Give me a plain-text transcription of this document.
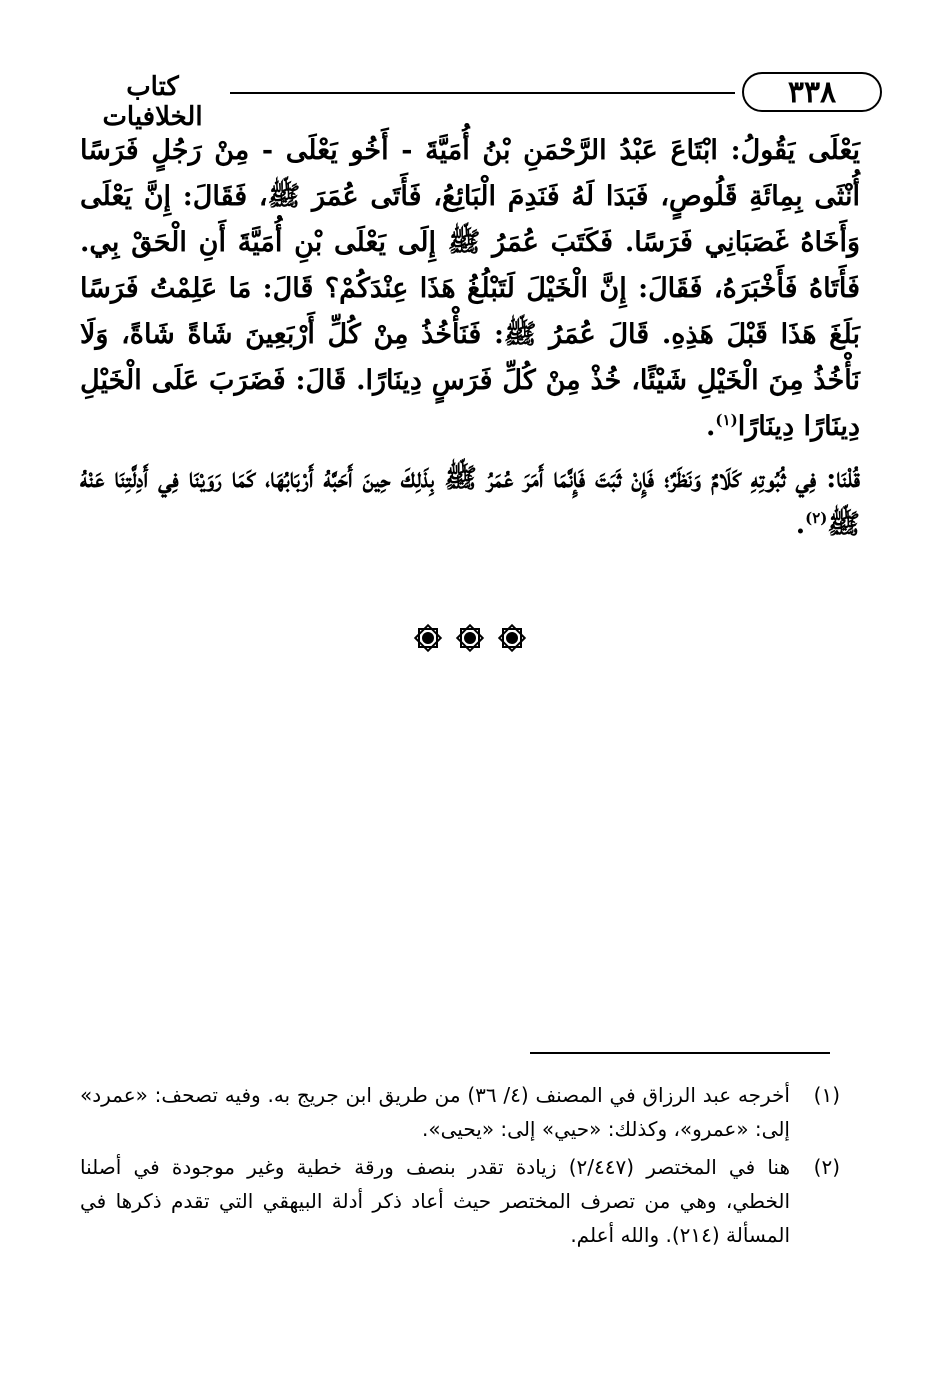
كتاب الخلافيات
٣٣٨

يَعْلَى يَقُولُ: ابْتَاعَ عَبْدُ الرَّحْمَنِ بْنُ أُمَيَّةَ - أَخُو يَعْلَى - مِنْ رَجُلٍ فَرَسًا أُنْثَى بِمِائَةِ قَلُوصٍ، فَبَدَا لَهُ فَنَدِمَ الْبَائِعُ، فَأَتَى عُمَرَ ﷺ، فَقَالَ: إِنَّ يَعْلَى وَأَخَاهُ غَصَبَانِي فَرَسًا. فَكَتَبَ عُمَرُ ﷺ إِلَى يَعْلَى بْنِ أُمَيَّةَ أَنِ الْحَقْ بِي. فَأَتَاهُ فَأَخْبَرَهُ، فَقَالَ: إِنَّ الْخَيْلَ لَتَبْلُغُ هَذَا عِنْدَكُمْ؟ قَالَ: مَا عَلِمْتُ فَرَسًا بَلَغَ هَذَا قَبْلَ هَذِهِ. قَالَ عُمَرُ ﷺ: فَنَأْخُذُ مِنْ كُلِّ أَرْبَعِينَ شَاةً شَاةً، وَلَا نَأْخُذُ مِنَ الْخَيْلِ شَيْئًا، خُذْ مِنْ كُلِّ فَرَسٍ دِينَارًا. قَالَ: فَضَرَبَ عَلَى الْخَيْلِ دِينَارًا دِينَارًا$^{(١)}$.

قُلْنَا: فِي ثُبُوتِهِ كَلَامٌ وَنَظَرٌ؛ فَإِنْ ثَبَتَ فَإِنَّمَا أَمَرَ عُمَرُ ﷺ بِذَلِكَ حِينَ أَحَبَّهُ أَرْبَابُهَا، كَمَا رَوَيْنَا فِي أَدِلَّتِنَا عَنْهُ ﷺ$^{(٢)}$.

(١)
أخرجه عبد الرزاق في المصنف (٤/ ٣٦) من طريق ابن جريج به. وفيه تصحف: «عمرد» إلى: «عمرو»، وكذلك: «حيي» إلى: «يحيى».
(٢)
هنا في المختصر (٢/٤٤٧) زيادة تقدر بنصف ورقة خطية وغير موجودة في أصلنا الخطي، وهي من تصرف المختصر حيث أعاد ذكر أدلة البيهقي التي تقدم ذكرها في المسألة (٢١٤). والله أعلم.
